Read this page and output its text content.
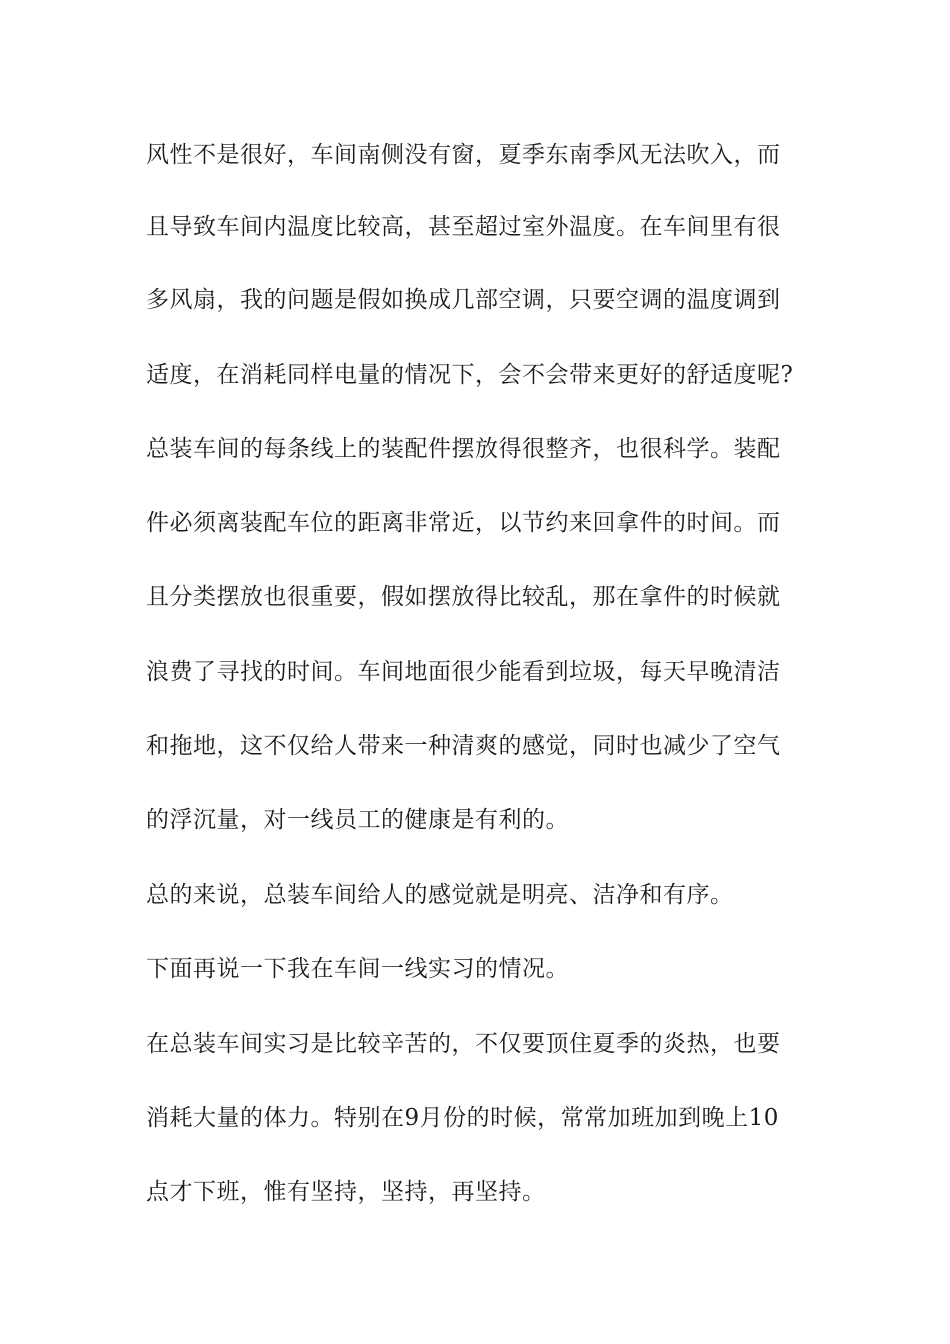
风性不是很好，车间南侧没有窗，夏季东南季风无法吹入，而
且导致车间内温度比较高，甚至超过室外温度。在车间里有很
多风扇，我的问题是假如换成几部空调，只要空调的温度调到
适度，在消耗同样电量的情况下，会不会带来更好的舒适度呢?
总装车间的每条线上的装配件摆放得很整齐，也很科学。装配
件必须离装配车位的距离非常近，以节约来回拿件的时间。而
且分类摆放也很重要，假如摆放得比较乱，那在拿件的时候就
浪费了寻找的时间。车间地面很少能看到垃圾，每天早晚清洁
和拖地，这不仅给人带来一种清爽的感觉，同时也减少了空气
的浮沉量，对一线员工的健康是有利的。
总的来说，总装车间给人的感觉就是明亮、洁净和有序。
下面再说一下我在车间一线实习的情况。
在总装车间实习是比较辛苦的，不仅要顶住夏季的炎热，也要
消耗大量的体力。特别在9月份的时候，常常加班加到晚上10
点才下班，惟有坚持，坚持，再坚持。
